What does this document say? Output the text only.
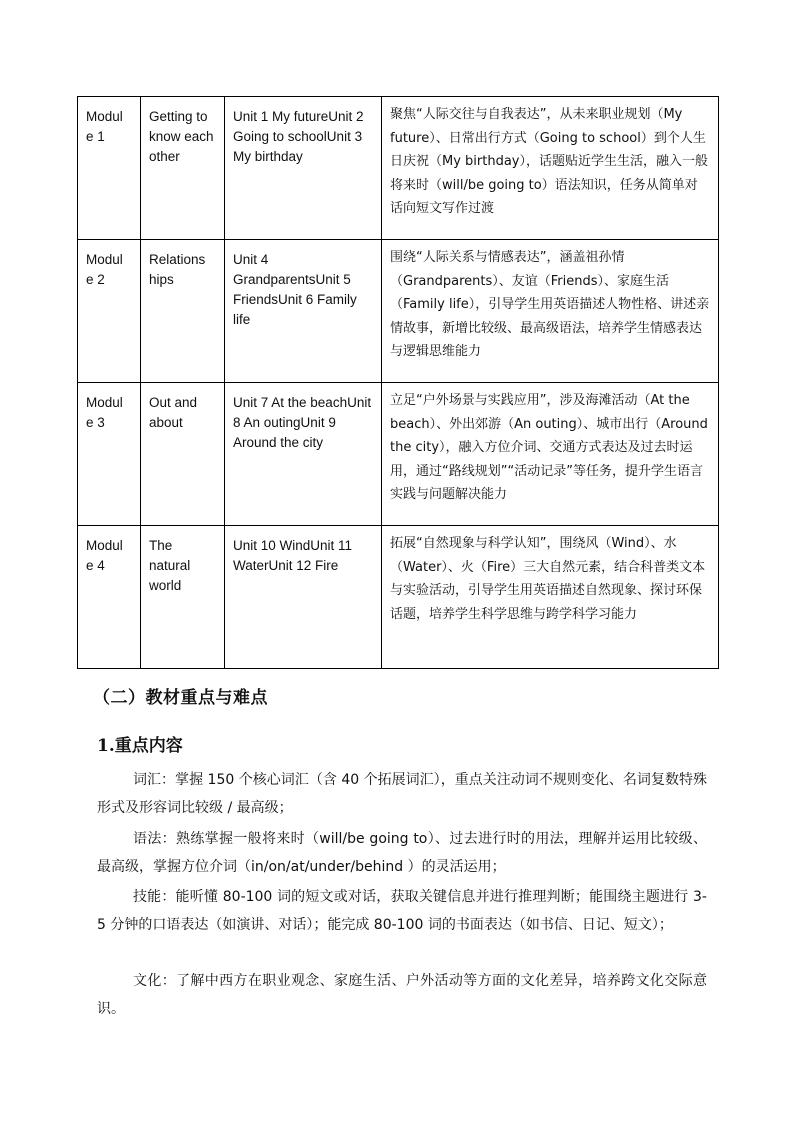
Modul e 1	Getting to know each other	Unit 1 My futureUnit 2 Going to schoolUnit 3 My birthday	聚焦“人际交往与自我表达”，从未来职业规划（My future）、日常出行方式（Going to school）到个人生日庆祝（My birthday），话题贴近学生生活，融入一般将来时（will/be going to）语法知识，任务从简单对话向短文写作过渡
Modul e 2	Relations hips	Unit 4 GrandparentsUnit 5 FriendsUnit 6 Family life	围绕“人际关系与情感表达”，涵盖祖孙情（Grandparents）、友谊（Friends）、家庭生活（Family life），引导学生用英语描述人物性格、讲述亲情故事，新增比较级、最高级语法，培养学生情感表达与逻辑思维能力
Modul e 3	Out and about	Unit 7 At the beachUnit 8 An outingUnit 9 Around the city	立足“户外场景与实践应用”，涉及海滩活动（At the beach）、外出郊游（An outing）、城市出行（Around the city），融入方位介词、交通方式表达及过去时运用，通过“路线规划”“活动记录”等任务，提升学生语言实践与问题解决能力
Modul e 4	The natural world	Unit 10 WindUnit 11 WaterUnit 12 Fire	拓展“自然现象与科学认知”，围绕风（Wind）、水（Water）、火（Fire）三大自然元素，结合科普类文本与实验活动，引导学生用英语描述自然现象、探讨环保话题，培养学生科学思维与跨学科学习能力
（二）教材重点与难点
1.重点内容
词汇：掌握 150 个核心词汇（含 40 个拓展词汇），重点关注动词不规则变化、名词复数特殊形式及形容词比较级 / 最高级；
语法：熟练掌握一般将来时（will/be going to）、过去进行时的用法，理解并运用比较级、最高级，掌握方位介词（in/on/at/under/behind ）的灵活运用；
技能：能听懂 80-100 词的短文或对话，获取关键信息并进行推理判断；能围绕主题进行 3-5 分钟的口语表达（如演讲、对话）；能完成 80-100 词的书面表达（如书信、日记、短文）；
文化：了解中西方在职业观念、家庭生活、户外活动等方面的文化差异，培养跨文化交际意识。
